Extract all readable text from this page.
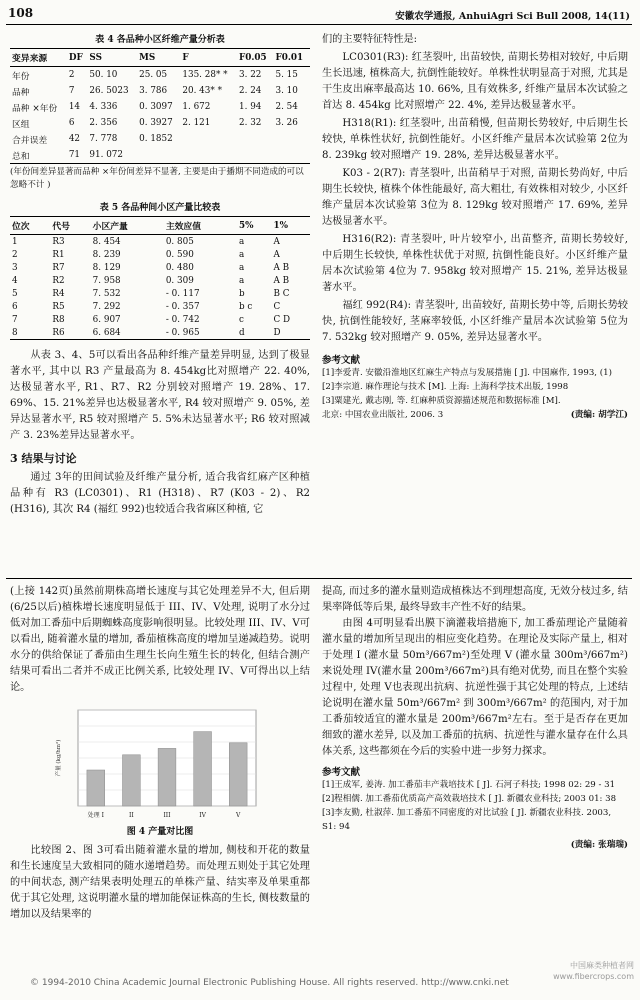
108	安徽农学通报, AnhuiAgri Sci Bull 2008, 14(11)
表 4 各品种小区纤维产量分析表
变异来源	DF	SS	MS	F	F0.05	F0.01
年份	2	50. 10	25. 05	135. 28* *	3. 22	5. 15
品种	7	26. 5023	3. 786	20. 43* *	2. 24	3. 10
品种 ×年份	14	4. 336	0. 3097	1. 672	1. 94	2. 54
区组	6	2. 356	0. 3927	2. 121	2. 32	3. 26
合并误差	42	7. 778	0. 1852			
总和	71	91. 072				
(年份间差异显著而品种 ×年份间差异不显著, 主要是由于播期不同造成的可以忽略不计 )
表 5 各品种间小区产量比较表
位次	代号	小区产量	主效应值	5%	1%
1	R3	8. 454	0. 805	a	A
2	R1	8. 239	0. 590	a	A
3	R7	8. 129	0. 480	a	A B
4	R2	7. 958	0. 309	a	A B
5	R4	7. 532	- 0. 117	b	B C
6	R5	7. 292	- 0. 357	b c	C
7	R8	6. 907	- 0. 742	c	C D
8	R6	6. 684	- 0. 965	d	D
从表 3、4、5可以看出各品种纤维产量差异明显, 达到了极显著水平, 其中以 R3 产量最高为 8. 454kg比对照增产 22. 40%, 达极显著水平, R1、R7、R2 分别较对照增产 19. 28%、17. 69%、15. 21%差异也达极显著水平, R4 较对照增产 9. 05%, 差异达显著水平, R5 较对照增产 5. 5%未达显著水平; R6 较对照减产 3. 23%差异达显著水平。
3 结果与讨论
通过 3年的田间试验及纤维产量分析, 适合我省红麻产区种植品种有 R3 (LC0301)、R1 (H318)、R7 (K03 - 2)、R2 (H316), 其次 R4 (福红 992)也较适合我省麻区种植, 它
们的主要特征特性是:
LC0301(R3): 红茎裂叶, 出苗较快, 苗期长势相对较好, 中后期生长迅速, 植株高大, 抗倒性能较好。单株性状明显高于对照, 尤其是干生皮出麻率最高达 10. 66%, 且有效株多, 纤维产量居本次试验之首达 8. 454kg 比对照增产 22. 4%, 差异达极显著水平。
H318(R1): 红茎裂叶, 出苗稍慢, 但苗期长势较好, 中后期生长较快, 单株性状好, 抗倒性能好。小区纤维产量居本次试验第 2位为 8. 239kg 较对照增产 19. 28%, 差异达极显著水平。
K03 - 2(R7): 青茎裂叶, 出苗稍早于对照, 苗期长势尚好, 中后期生长较快, 植株个体性能最好, 高大粗壮, 有效株相对较少, 小区纤维产量居本次试验第 3位为 8. 129kg 较对照增产 17. 69%, 差异达极显著水平。
H316(R2): 青茎裂叶, 叶片较窄小, 出苗整齐, 苗期长势较好, 中后期生长较快, 单株性状优于对照, 抗倒性能良好。小区纤维产量居本次试验第 4位为 7. 958kg 较对照增产 15. 21%, 差异达极显著水平。
福红 992(R4): 青茎裂叶, 出苗较好, 苗期长势中等, 后期长势较快, 抗倒性能较好, 茎麻率较低, 小区纤维产量居本次试验第 5位为 7. 532kg 较对照增产 9. 05%, 差异达显著水平。
参考文献
[1]李爱青. 安徽沿淮地区红麻生产特点与发展措施 [ J]. 中国麻作, 1993, (1)
[2]李宗道. 麻作理论与技术 [M]. 上海: 上海科学技术出版, 1998
[3]粟建光, 戴志刚, 等. 红麻种质资源描述规范和数据标准 [M].
北京: 中国农业出版社, 2006. 3	(责编: 胡学江)
(上接 142页)虽然前期株高增长速度与其它处理差异不大, 但后期 (6/25以后)植株增长速度明显低于 III、IV、V处理, 说明了水分过低对加工番茄中后期蜘蛛高度影响很明显。比较处理 III、IV、V可以看出, 随着灌水量的增加, 番茄植株高度的增加呈递减趋势。说明水分的供给保证了番茄由生理生长向生殖生长的转化, 但结合测产结果可看出二者并不成正比例关系, 比较处理 IV、V可得出以上结论。
产量 (kg/hm²)
处理 I	II	III	IV	V
图 4 产量对比图
比较图 2、图 3可看出随着灌水量的增加, 侧枝和开花的数量和生长速度呈大致相同的随水递增趋势。而处理五则处于其它处理的中间状态, 测产结果表明处理五的单株产量、结实率及单果重都优于其它处理, 这说明灌水量的增加能保证株高的生长, 侧枝数量的增加以及结果率的
提高, 而过多的灌水量则造成植株达不到理想高度, 无效分枝过多, 结果率降低等后果, 最终导致丰产性不好的结果。
由图 4可明显看出膜下滴灌栽培措施下, 加工番茄理论产量随着灌水量的增加所呈现出的相应变化趋势。在理论及实际产量上, 相对于处理 I (灌水量 50m³/667m²)至处理 V (灌水量 300m³/667m²)来说处理 IV(灌水量 200m³/667m²)具有绝对优势, 而且在整个实验过程中, 处理 V也表现出抗病、抗逆性强于其它处理的特点, 上述结论说明在灌水量 50m³/667m² 到 300m³/667m² 的范围内, 对于加工番茄较适宜的灌水量是 200m³/667m²左右。至于是否存在更加细致的灌水差异, 以及加工番茄的抗病、抗逆性与灌水量存在什么具体关系, 这些都须在今后的实验中进一步努力探求。
参考文献
[1]王成军, 姜涛. 加工番茄丰产栽培技术 [ J]. 石河子科技; 1998 02: 29 - 31
[2]程相儒. 加工番茄优质高产高效栽培技术 [ J]. 新疆农业科技; 2003 01: 38
[3]李友勤, 杜淑萍. 加工番茄不同密度的对比试验 [ J]. 新疆农业科技. 2003, S1: 94
(责编: 张瑞瑞)
© 1994-2010 China Academic Journal Electronic Publishing House. All rights reserved. http://www.cnki.net
中国麻类种植者网
www.fibercrops.com
